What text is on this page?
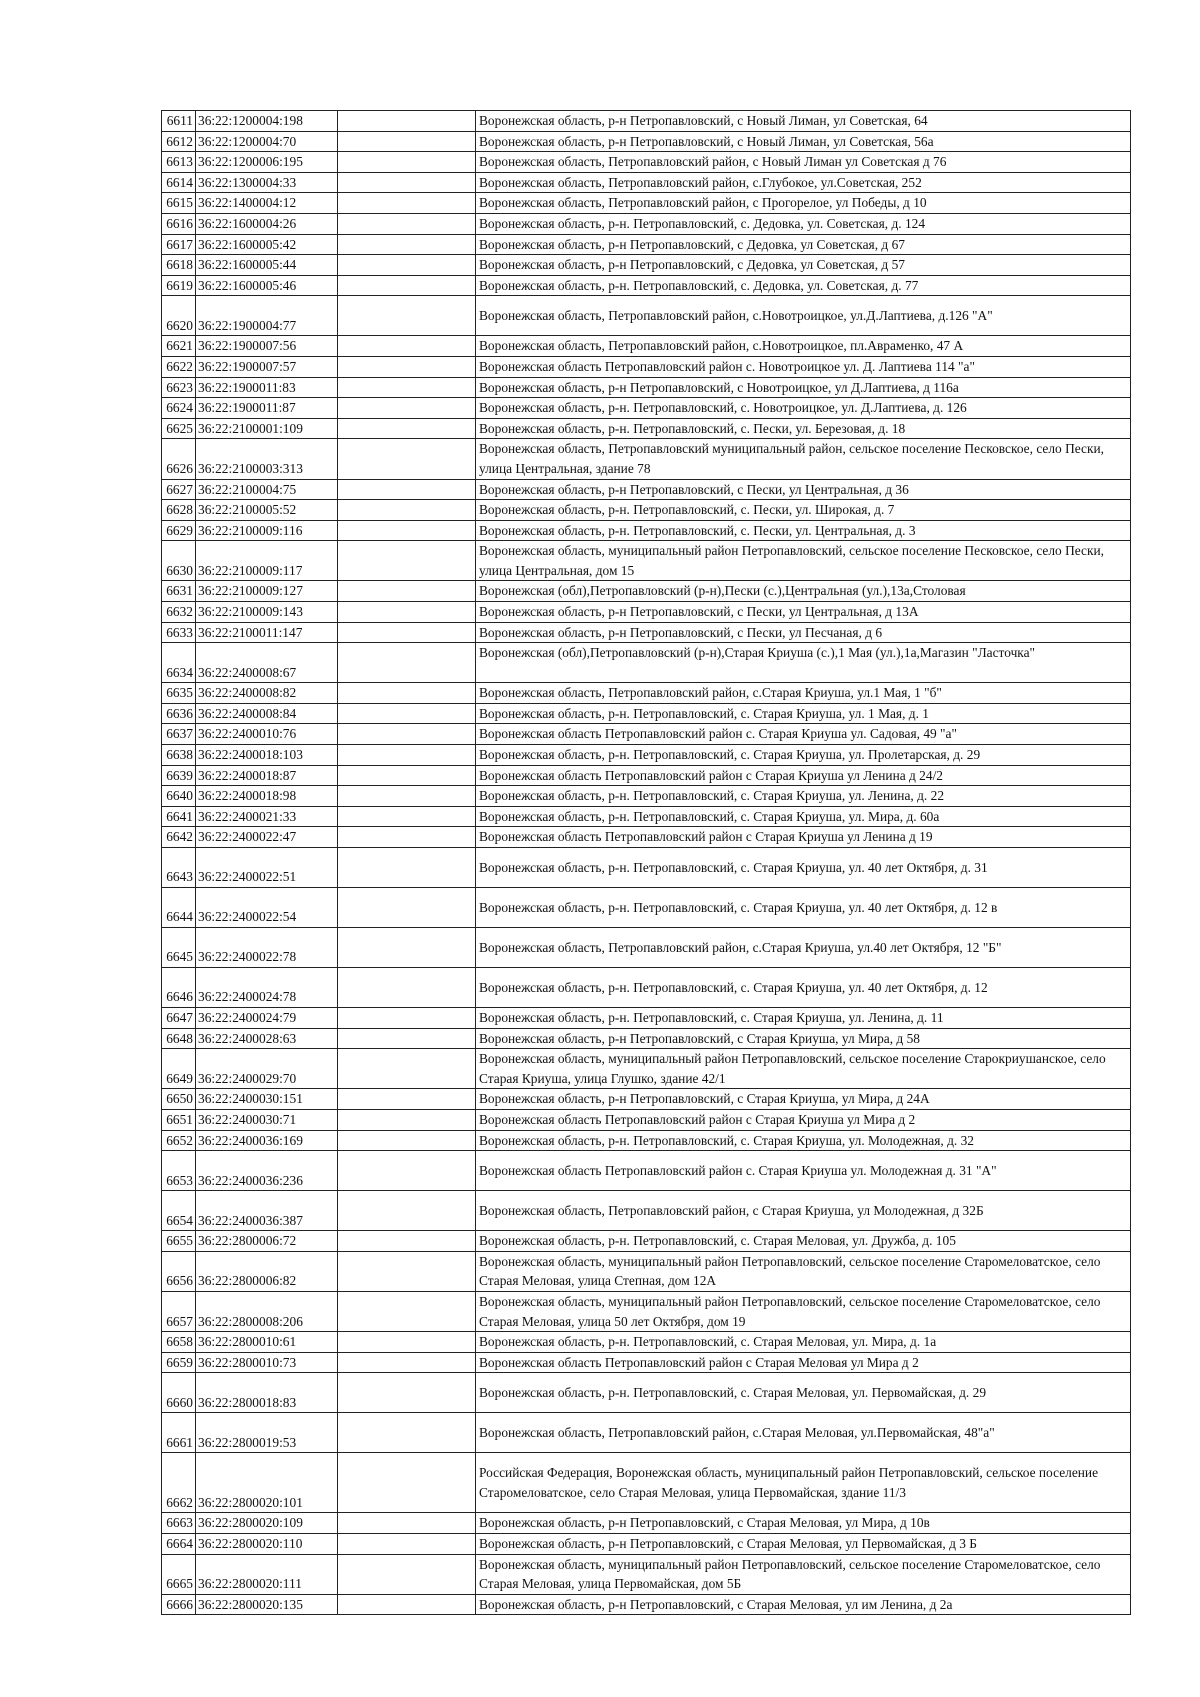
6611	36:22:1200004:198		Воронежская область, р-н Петропавловский, с Новый Лиман, ул Советская, 64
6612	36:22:1200004:70		Воронежская область, р-н Петропавловский, с Новый Лиман, ул Советская, 56а
6613	36:22:1200006:195		Воронежская область, Петропавловский район, с Новый Лиман ул Советская д 76
6614	36:22:1300004:33		Воронежская область, Петропавловский район, с.Глубокое, ул.Советская, 252
6615	36:22:1400004:12		Воронежская область, Петропавловский район, с Прогорелое, ул Победы, д 10
6616	36:22:1600004:26		Воронежская область, р-н. Петропавловский, с. Дедовка, ул. Советская, д. 124
6617	36:22:1600005:42		Воронежская область, р-н Петропавловский, с Дедовка, ул Советская, д 67
6618	36:22:1600005:44		Воронежская область, р-н Петропавловский, с Дедовка, ул Советская, д 57
6619	36:22:1600005:46		Воронежская область, р-н. Петропавловский, с. Дедовка, ул. Советская, д. 77
6620	36:22:1900004:77		Воронежская область, Петропавловский район, с.Новотроицкое, ул.Д.Лаптиева, д.126 "А"
6621	36:22:1900007:56		Воронежская область, Петропавловский район, с.Новотроицкое, пл.Авраменко, 47 А
6622	36:22:1900007:57		Воронежская область Петропавловский район с. Новотроицкое ул. Д. Лаптиева 114 "а"
6623	36:22:1900011:83		Воронежская область, р-н Петропавловский, с Новотроицкое, ул Д.Лаптиева, д 116а
6624	36:22:1900011:87		Воронежская область, р-н. Петропавловский, с. Новотроицкое, ул. Д.Лаптиева, д. 126
6625	36:22:2100001:109		Воронежская область, р-н. Петропавловский, с. Пески, ул. Березовая, д. 18
6626	36:22:2100003:313		Воронежская область, Петропавловский муниципальный район, сельское поселение Песковское, село Пески, улица Центральная, здание 78
6627	36:22:2100004:75		Воронежская область, р-н Петропавловский, с Пески, ул Центральная, д 36
6628	36:22:2100005:52		Воронежская область, р-н. Петропавловский, с. Пески, ул. Широкая, д. 7
6629	36:22:2100009:116		Воронежская область, р-н. Петропавловский, с. Пески, ул. Центральная, д. 3
6630	36:22:2100009:117		Воронежская область, муниципальный район Петропавловский, сельское поселение Песковское, село Пески, улица Центральная, дом 15
6631	36:22:2100009:127		Воронежская (обл),Петропавловский (р-н),Пески (с.),Центральная (ул.),13а,Столовая
6632	36:22:2100009:143		Воронежская область, р-н Петропавловский, с Пески, ул Центральная, д 13А
6633	36:22:2100011:147		Воронежская область, р-н Петропавловский, с Пески, ул Песчаная, д 6
6634	36:22:2400008:67		Воронежская (обл),Петропавловский (р-н),Старая Криуша (с.),1 Мая (ул.),1а,Магазин "Ласточка"
6635	36:22:2400008:82		Воронежская область, Петропавловский район, с.Старая Криуша, ул.1 Мая, 1 "б"
6636	36:22:2400008:84		Воронежская область, р-н. Петропавловский, с. Старая Криуша, ул. 1 Мая, д. 1
6637	36:22:2400010:76		Воронежская область Петропавловский район с. Старая Криуша ул. Садовая, 49 "а"
6638	36:22:2400018:103		Воронежская область, р-н. Петропавловский, с. Старая Криуша, ул. Пролетарская, д. 29
6639	36:22:2400018:87		Воронежская область Петропавловский район с Старая Криуша ул Ленина д 24/2
6640	36:22:2400018:98		Воронежская область, р-н. Петропавловский, с. Старая Криуша, ул. Ленина, д. 22
6641	36:22:2400021:33		Воронежская область, р-н. Петропавловский, с. Старая Криуша, ул. Мира, д. 60а
6642	36:22:2400022:47		Воронежская область Петропавловский район с Старая Криуша ул Ленина д 19
6643	36:22:2400022:51		Воронежская область, р-н. Петропавловский, с. Старая Криуша, ул. 40 лет Октября, д. 31
6644	36:22:2400022:54		Воронежская область, р-н. Петропавловский, с. Старая Криуша, ул. 40 лет Октября, д. 12 в
6645	36:22:2400022:78		Воронежская область, Петропавловский район, с.Старая Криуша, ул.40 лет Октября, 12 "Б"
6646	36:22:2400024:78		Воронежская область, р-н. Петропавловский, с. Старая Криуша, ул. 40 лет Октября, д. 12
6647	36:22:2400024:79		Воронежская область, р-н. Петропавловский, с. Старая Криуша, ул. Ленина, д. 11
6648	36:22:2400028:63		Воронежская область, р-н Петропавловский, с Старая Криуша, ул Мира, д 58
6649	36:22:2400029:70		Воронежская область, муниципальный район Петропавловский, сельское поселение Старокриушанское, село Старая Криуша, улица Глушко, здание 42/1
6650	36:22:2400030:151		Воронежская область, р-н Петропавловский, с Старая Криуша, ул Мира, д 24А
6651	36:22:2400030:71		Воронежская область Петропавловский район с Старая Криуша ул Мира д 2
6652	36:22:2400036:169		Воронежская область, р-н. Петропавловский, с. Старая Криуша, ул. Молодежная, д. 32
6653	36:22:2400036:236		Воронежская область Петропавловский район с. Старая Криуша ул. Молодежная д. 31 "А"
6654	36:22:2400036:387		Воронежская область, Петропавловский район, с Старая Криуша, ул Молодежная, д 32Б
6655	36:22:2800006:72		Воронежская область, р-н. Петропавловский, с. Старая Меловая, ул. Дружба, д. 105
6656	36:22:2800006:82		Воронежская область, муниципальный район Петропавловский, сельское поселение Старомеловатское, село Старая Меловая, улица Степная, дом 12А
6657	36:22:2800008:206		Воронежская область, муниципальный район Петропавловский, сельское поселение Старомеловатское, село Старая Меловая, улица 50 лет Октября, дом 19
6658	36:22:2800010:61		Воронежская область, р-н. Петропавловский, с. Старая Меловая, ул. Мира, д. 1а
6659	36:22:2800010:73		Воронежская область Петропавловский район с Старая Меловая ул Мира д 2
6660	36:22:2800018:83		Воронежская область, р-н. Петропавловский, с. Старая Меловая, ул. Первомайская, д. 29
6661	36:22:2800019:53		Воронежская область, Петропавловский район, с.Старая Меловая, ул.Первомайская, 48"а"
6662	36:22:2800020:101		Российская Федерация, Воронежская область, муниципальный район Петропавловский, сельское поселение Старомеловатское, село Старая Меловая, улица Первомайская, здание 11/3
6663	36:22:2800020:109		Воронежская область, р-н Петропавловский, с Старая Меловая, ул Мира, д 10в
6664	36:22:2800020:110		Воронежская область, р-н Петропавловский, с Старая Меловая, ул Первомайская, д 3 Б
6665	36:22:2800020:111		Воронежская область, муниципальный район Петропавловский, сельское поселение Старомеловатское, село Старая Меловая, улица Первомайская, дом 5Б
6666	36:22:2800020:135		Воронежская область, р-н Петропавловский, с Старая Меловая, ул им Ленина, д 2а
